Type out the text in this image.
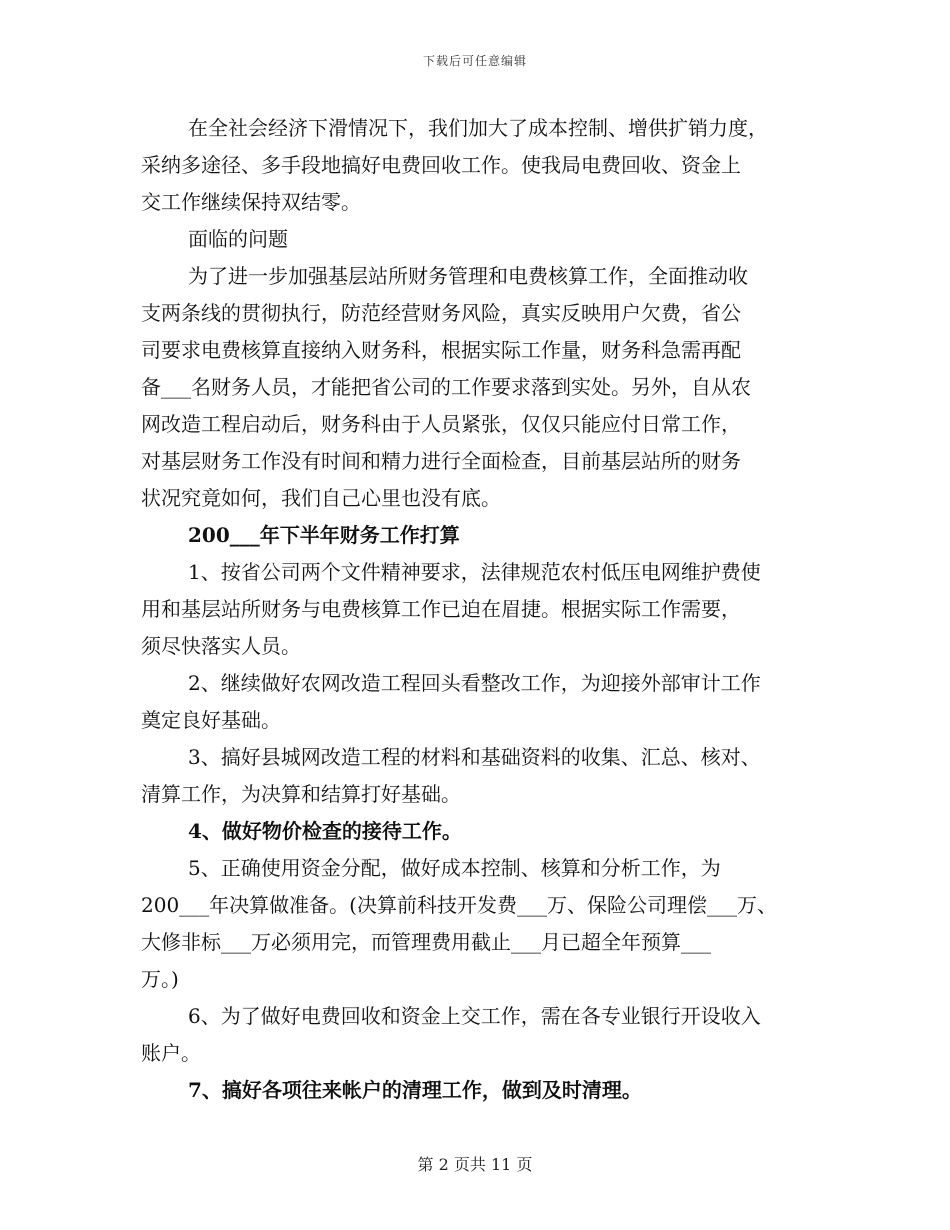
下载后可任意编辑
在全社会经济下滑情况下，我们加大了成本控制、增供扩销力度，
采纳多途径、多手段地搞好电费回收工作。使我局电费回收、资金上
交工作继续保持双结零。
面临的问题
为了进一步加强基层站所财务管理和电费核算工作，全面推动收
支两条线的贯彻执行，防范经营财务风险，真实反映用户欠费，省公
司要求电费核算直接纳入财务科，根据实际工作量，财务科急需再配
备___名财务人员，才能把省公司的工作要求落到实处。另外，自从农
网改造工程启动后，财务科由于人员紧张，仅仅只能应付日常工作，
对基层财务工作没有时间和精力进行全面检查，目前基层站所的财务
状况究竟如何，我们自己心里也没有底。
200___年下半年财务工作打算
1、按省公司两个文件精神要求，法律规范农村低压电网维护费使
用和基层站所财务与电费核算工作已迫在眉捷。根据实际工作需要，
须尽快落实人员。
2、继续做好农网改造工程回头看整改工作，为迎接外部审计工作
奠定良好基础。
3、搞好县城网改造工程的材料和基础资料的收集、汇总、核对、
清算工作，为决算和结算打好基础。
4、做好物价检查的接待工作。
5、正确使用资金分配，做好成本控制、核算和分析工作，为
200___年决算做准备。(决算前科技开发费___万、保险公司理偿___万、
大修非标___万必须用完，而管理费用截止___月已超全年预算___
万。)
6、为了做好电费回收和资金上交工作，需在各专业银行开设收入
账户。
7、搞好各项往来帐户的清理工作，做到及时清理。
第 2 页共 11 页
